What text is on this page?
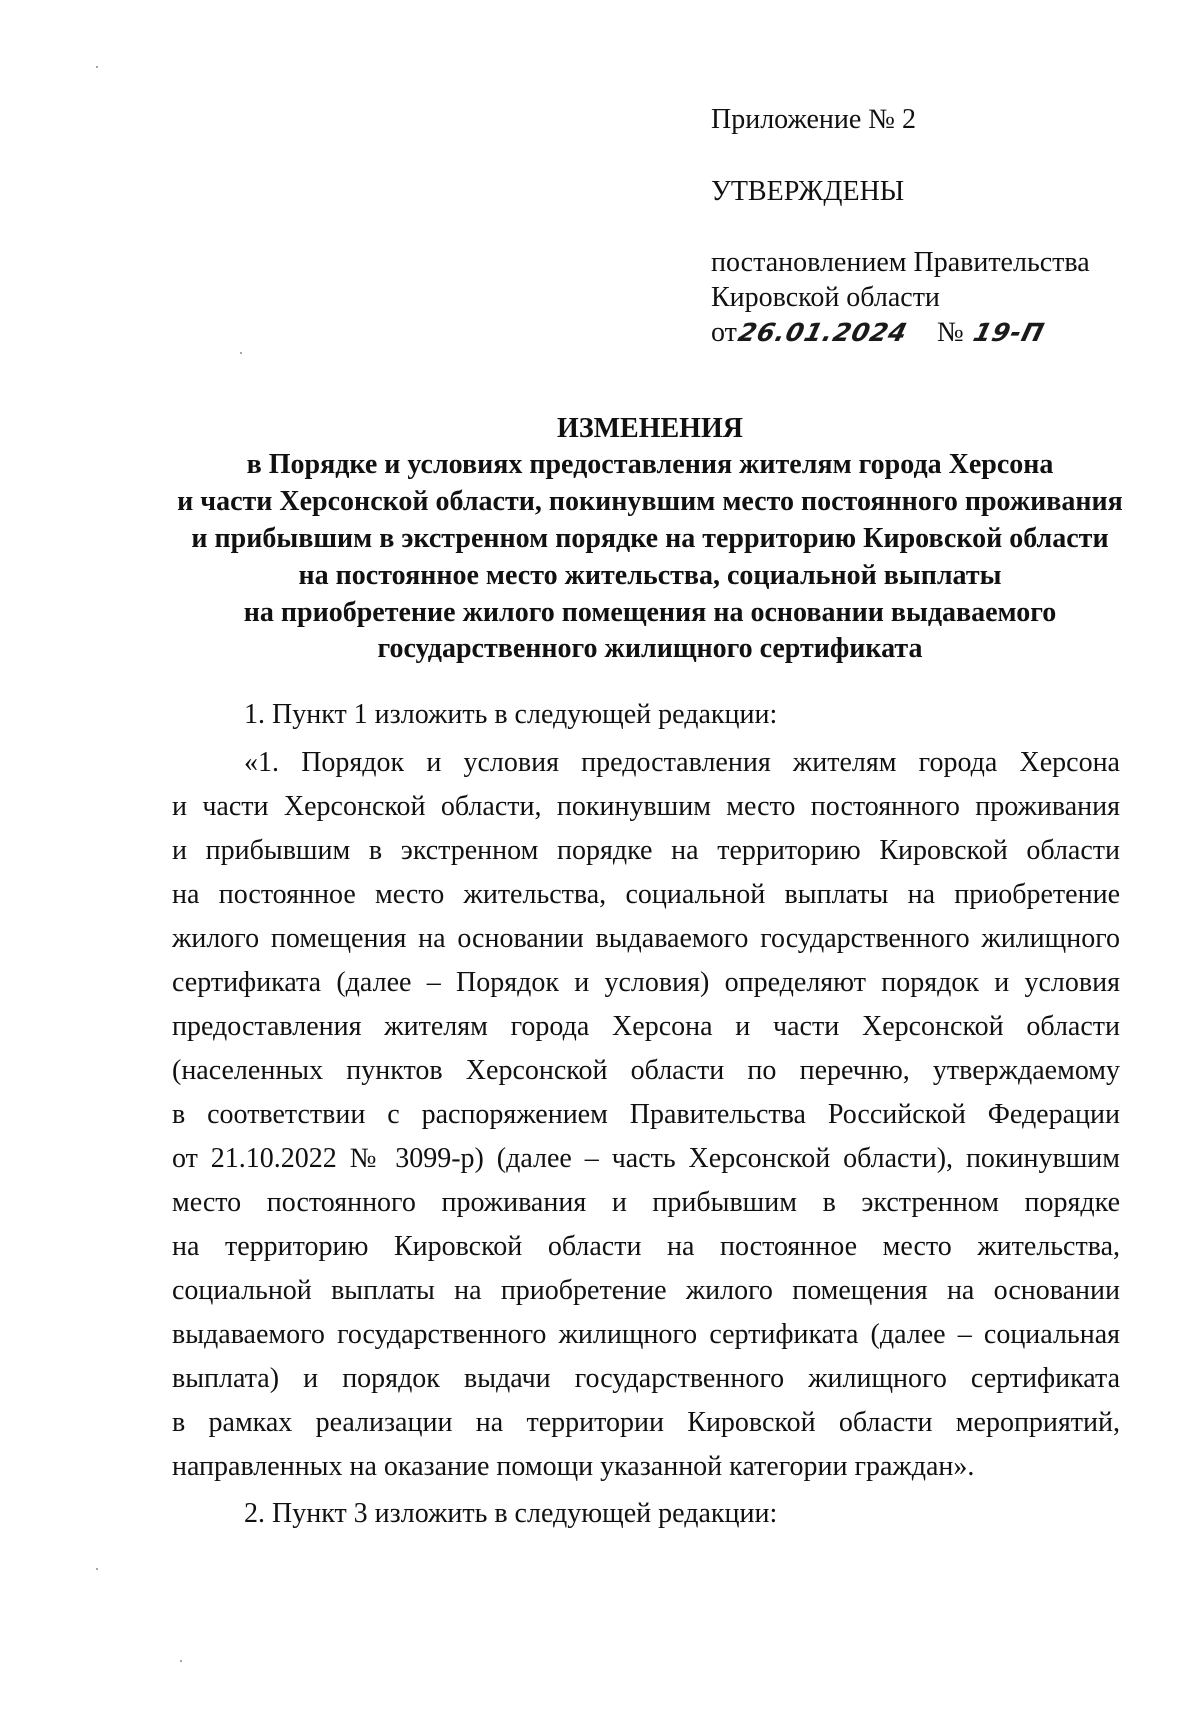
Приложение № 2
УТВЕРЖДЕНЫ
постановлением Правительства
Кировской области
от26.01.2024 № 19-П
ИЗМЕНЕНИЯ
в Порядке и условиях предоставления жителям города Херсона
и части Херсонской области, покинувшим место постоянного проживания
и прибывшим в экстренном порядке на территорию Кировской области
на постоянное место жительства, социальной выплаты
на приобретение жилого помещения на основании выдаваемого
государственного жилищного сертификата
1. Пункт 1 изложить в следующей редакции:
«1. Порядок и условия предоставления жителям города Херсона
и части Херсонской области, покинувшим место постоянного проживания
и прибывшим в экстренном порядке на территорию Кировской области
на постоянное место жительства, социальной выплаты на приобретение
жилого помещения на основании выдаваемого государственного жилищного
сертификата (далее – Порядок и условия) определяют порядок и условия
предоставления жителям города Херсона и части Херсонской области
(населенных пунктов Херсонской области по перечню, утверждаемому
в соответствии с распоряжением Правительства Российской Федерации
от 21.10.2022 № 3099-р) (далее – часть Херсонской области), покинувшим
место постоянного проживания и прибывшим в экстренном порядке
на территорию Кировской области на постоянное место жительства,
социальной выплаты на приобретение жилого помещения на основании
выдаваемого государственного жилищного сертификата (далее – социальная
выплата) и порядок выдачи государственного жилищного сертификата
в рамках реализации на территории Кировской области мероприятий,
направленных на оказание помощи указанной категории граждан».
2. Пункт 3 изложить в следующей редакции:
